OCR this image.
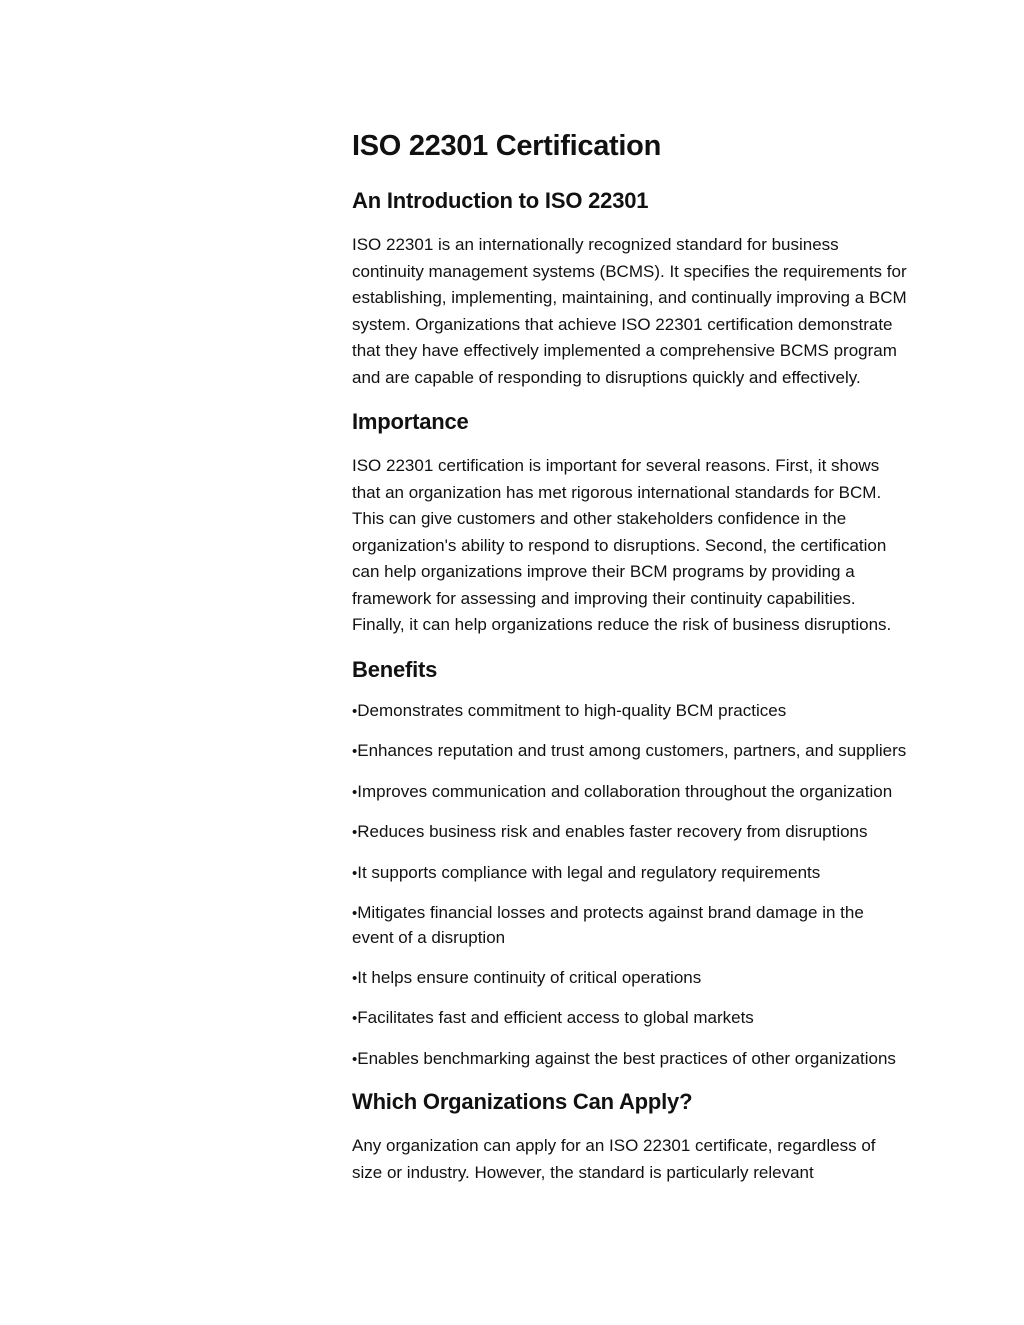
ISO 22301 Certification
An Introduction to ISO 22301

ISO 22301 is an internationally recognized standard for business continuity management systems (BCMS). It specifies the requirements for establishing, implementing, maintaining, and continually improving a BCM system. Organizations that achieve ISO 22301 certification demonstrate that they have effectively implemented a comprehensive BCMS program and are capable of responding to disruptions quickly and effectively.

Importance

ISO 22301 certification is important for several reasons. First, it shows that an organization has met rigorous international standards for BCM. This can give customers and other stakeholders confidence in the organization's ability to respond to disruptions. Second, the certification can help organizations improve their BCM programs by providing a framework for assessing and improving their continuity capabilities. Finally, it can help organizations reduce the risk of business disruptions.

Benefits
•Demonstrates commitment to high-quality BCM practices
•Enhances reputation and trust among customers, partners, and suppliers
•Improves communication and collaboration throughout the organization
•Reduces business risk and enables faster recovery from disruptions
•It supports compliance with legal and regulatory requirements
•Mitigates financial losses and protects against brand damage in the event of a disruption
•It helps ensure continuity of critical operations
•Facilitates fast and efficient access to global markets
•Enables benchmarking against the best practices of other organizations
Which Organizations Can Apply?

Any organization can apply for an ISO 22301 certificate, regardless of size or industry. However, the standard is particularly relevant
